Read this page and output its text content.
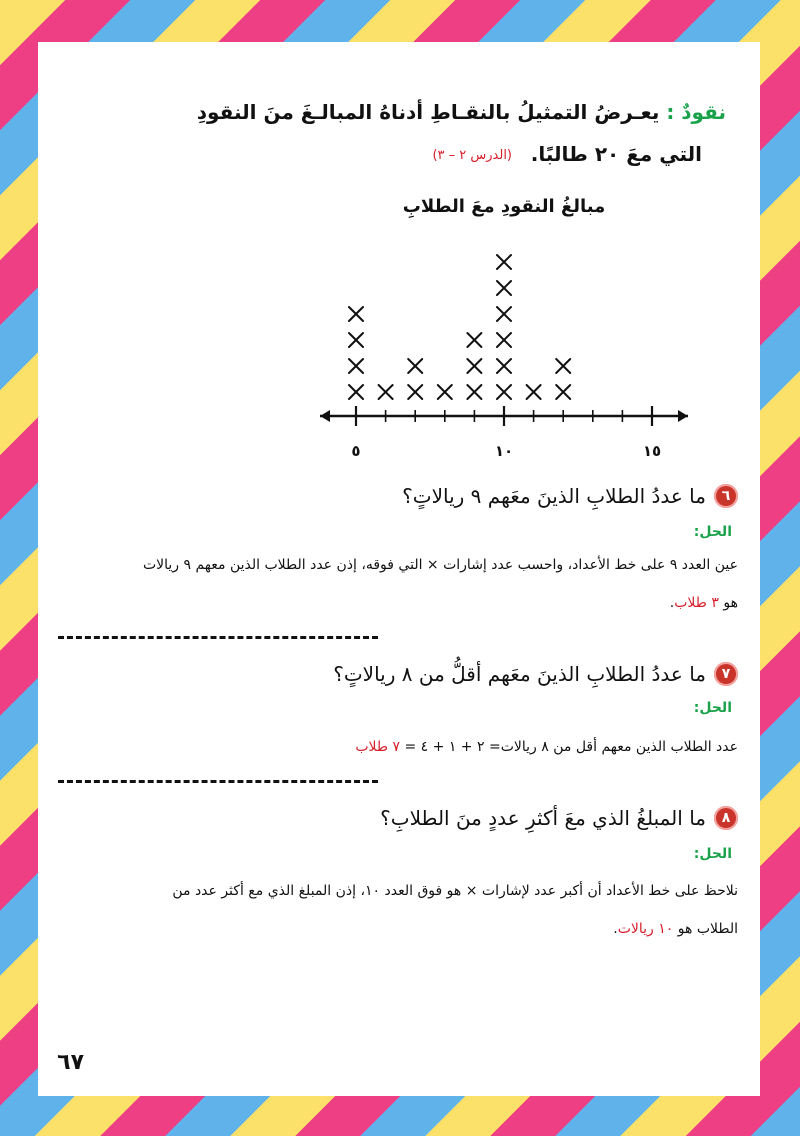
نقودٌ : يعـرضُ التمثيلُ بالنقـاطِ أدناهُ المبالـغَ منَ النقودِ
التي معَ ٢٠ طالبًا.
(الدرس ٢ – ٣)
مبالغُ النقودِ معَ الطلابِ
٥	١٠	١٥
٦
ما عددُ الطلابِ الذينَ معَهم ٩ ريالاتٍ؟
الحل:
عين العدد ٩ على خط الأعداد، واحسب عدد إشارات × التي فوقه، إذن عدد الطلاب الذين معهم ٩ ريالات
هو ٣ طلاب.
٧
ما عددُ الطلابِ الذينَ معَهم أقلُّ من ٨ ريالاتٍ؟
الحل:
عدد الطلاب الذين معهم أقل من ٨ ريالات= ٢ + ١ + ٤ = ٧ طلاب
٨
ما المبلغُ الذي معَ أكثرِ عددٍ منَ الطلابِ؟
الحل:
نلاحظ على خط الأعداد أن أكبر عدد لإشارات × هو فوق العدد ١٠، إذن المبلغ الذي مع أكثر عدد من
الطلاب هو ١٠ ريالات.
٦٧
